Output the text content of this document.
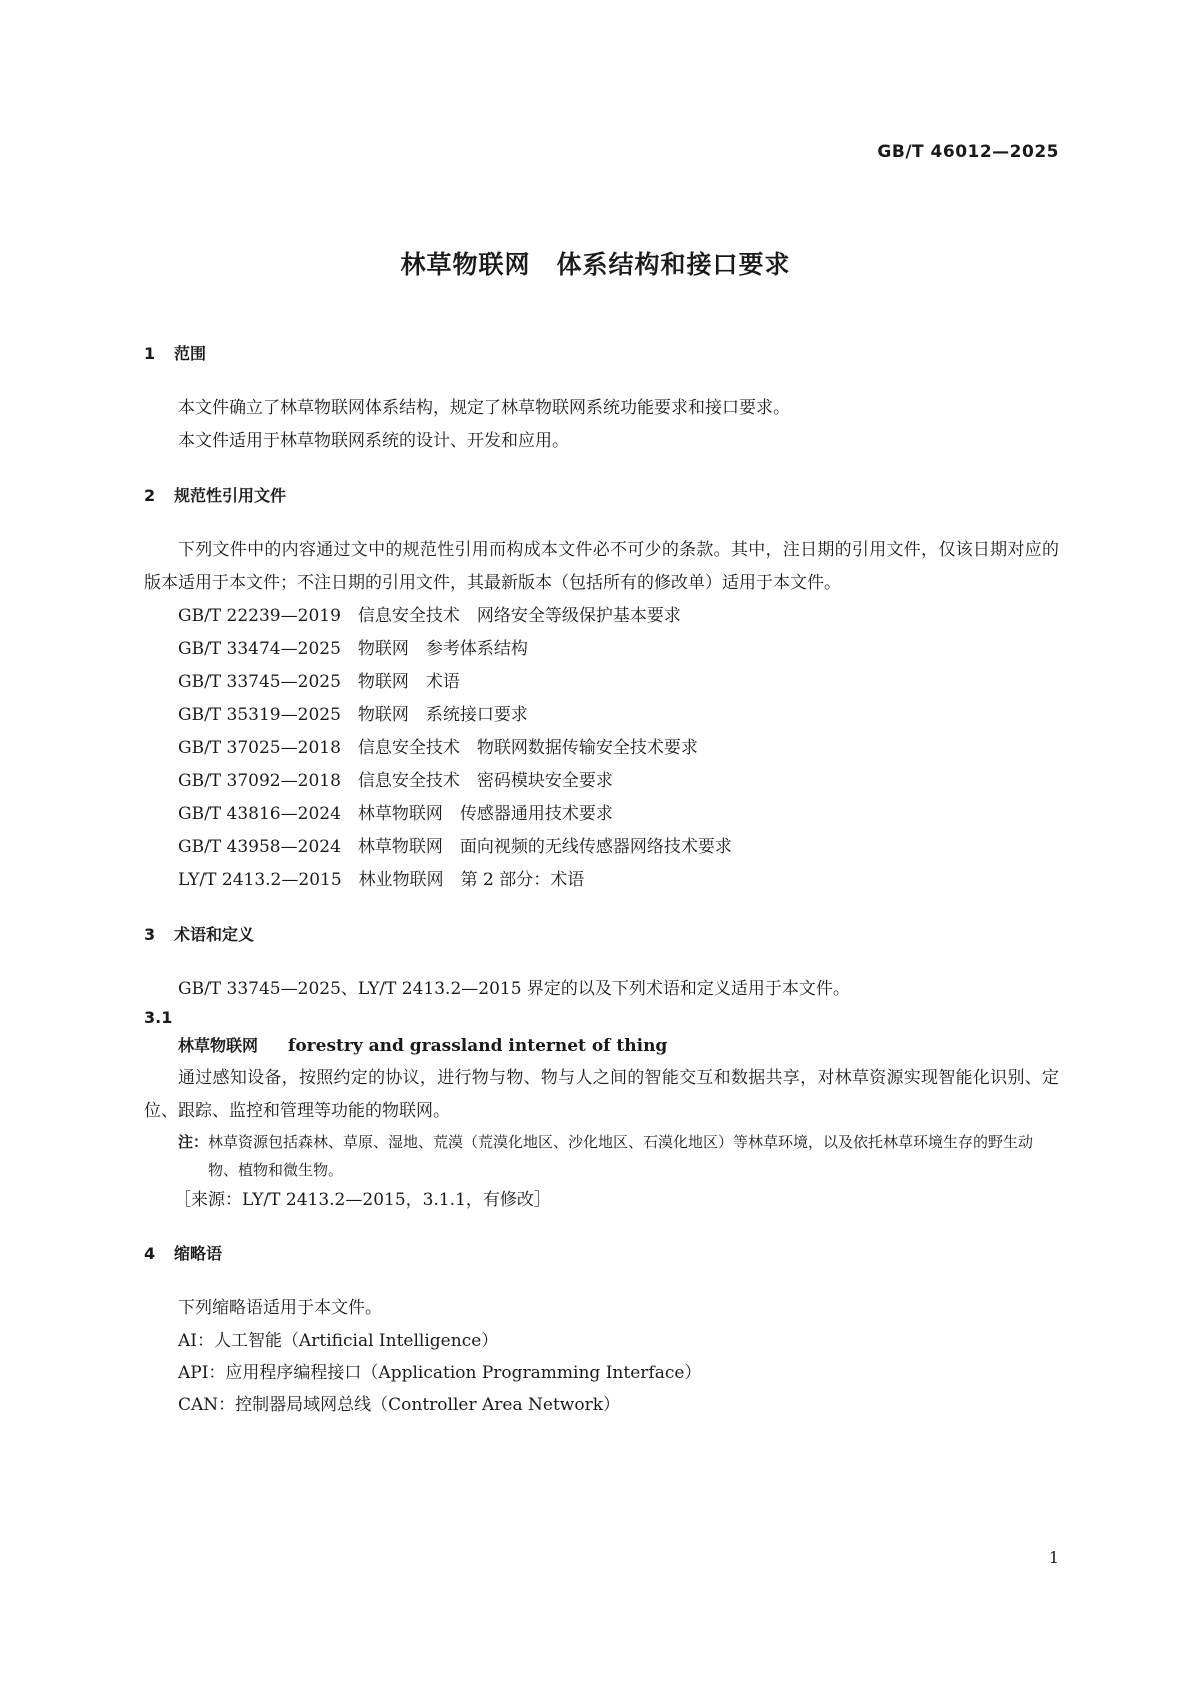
GB/T 46012—2025
林草物联网　体系结构和接口要求
1	范围

本文件确立了林草物联网体系结构，规定了林草物联网系统功能要求和接口要求。

本文件适用于林草物联网系统的设计、开发和应用。

2	规范性引用文件

下列文件中的内容通过文中的规范性引用而构成本文件必不可少的条款。其中，注日期的引用文件，仅该日期对应的版本适用于本文件；不注日期的引用文件，其最新版本（包括所有的修改单）适用于本文件。

GB/T 22239—2019　信息安全技术　网络安全等级保护基本要求
GB/T 33474—2025　物联网　参考体系结构
GB/T 33745—2025　物联网　术语
GB/T 35319—2025　物联网　系统接口要求
GB/T 37025—2018　信息安全技术　物联网数据传输安全技术要求
GB/T 37092—2018　信息安全技术　密码模块安全要求
GB/T 43816—2024　林草物联网　传感器通用技术要求
GB/T 43958—2024　林草物联网　面向视频的无线传感器网络技术要求
LY/T 2413.2—2015　林业物联网　第 2 部分：术语
3	术语和定义

GB/T 33745—2025、LY/T 2413.2—2015 界定的以及下列术语和定义适用于本文件。

3.1
林草物联网 forestry and grassland internet of thing

通过感知设备，按照约定的协议，进行物与物、物与人之间的智能交互和数据共享，对林草资源实现智能化识别、定位、跟踪、监控和管理等功能的物联网。

注： 林草资源包括森林、草原、湿地、荒漠（荒漠化地区、沙化地区、石漠化地区）等林草环境，以及依托林草环境生存的野生动物、植物和微生物。
［来源：LY/T 2413.2—2015，3.1.1，有修改］
4	缩略语

下列缩略语适用于本文件。

AI：人工智能（Artificial Intelligence）
API：应用程序编程接口（Application Programming Interface）
CAN：控制器局域网总线（Controller Area Network）
1
